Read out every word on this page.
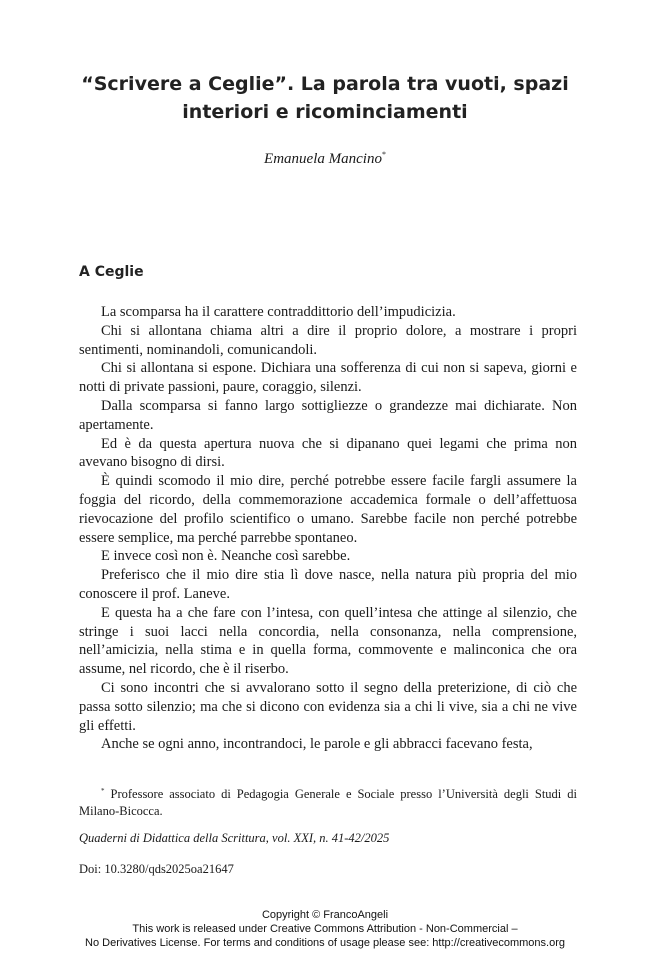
“Scrivere a Ceglie”. La parola tra vuoti, spazi
interiori e ricominciamenti
Emanuela Mancino*
A Ceglie

La scomparsa ha il carattere contraddittorio dell’impudicizia.

Chi si allontana chiama altri a dire il proprio dolore, a mostrare i propri sentimenti, nominandoli, comunicandoli.

Chi si allontana si espone. Dichiara una sofferenza di cui non si sapeva, giorni e notti di private passioni, paure, coraggio, silenzi.

Dalla scomparsa si fanno largo sottigliezze o grandezze mai dichiarate. Non apertamente.

Ed è da questa apertura nuova che si dipanano quei legami che prima non avevano bisogno di dirsi.

È quindi scomodo il mio dire, perché potrebbe essere facile fargli assumere la foggia del ricordo, della commemorazione accademica formale o dell’affettuosa rievocazione del profilo scientifico o umano. Sarebbe facile non perché potrebbe essere semplice, ma perché parrebbe spontaneo.

E invece così non è. Neanche così sarebbe.

Preferisco che il mio dire stia lì dove nasce, nella natura più propria del mio conoscere il prof. Laneve.

E questa ha a che fare con l’intesa, con quell’intesa che attinge al silenzio, che stringe i suoi lacci nella concordia, nella consonanza, nella comprensione, nell’amicizia, nella stima e in quella forma, commovente e malinconica che ora assume, nel ricordo, che è il riserbo.

Ci sono incontri che si avvalorano sotto il segno della preterizione, di ciò che passa sotto silenzio; ma che si dicono con evidenza sia a chi li vive, sia a chi ne vive gli effetti.

Anche se ogni anno, incontrandoci, le parole e gli abbracci facevano festa,

* Professore associato di Pedagogia Generale e Sociale presso l’Università degli Studi di Milano-Bicocca.
Quaderni di Didattica della Scrittura, vol. XXI, n. 41-42/2025
Doi: 10.3280/qds2025oa21647
Copyright © FrancoAngeli
This work is released under Creative Commons Attribution - Non-Commercial –
No Derivatives License. For terms and conditions of usage please see: http://creativecommons.org
